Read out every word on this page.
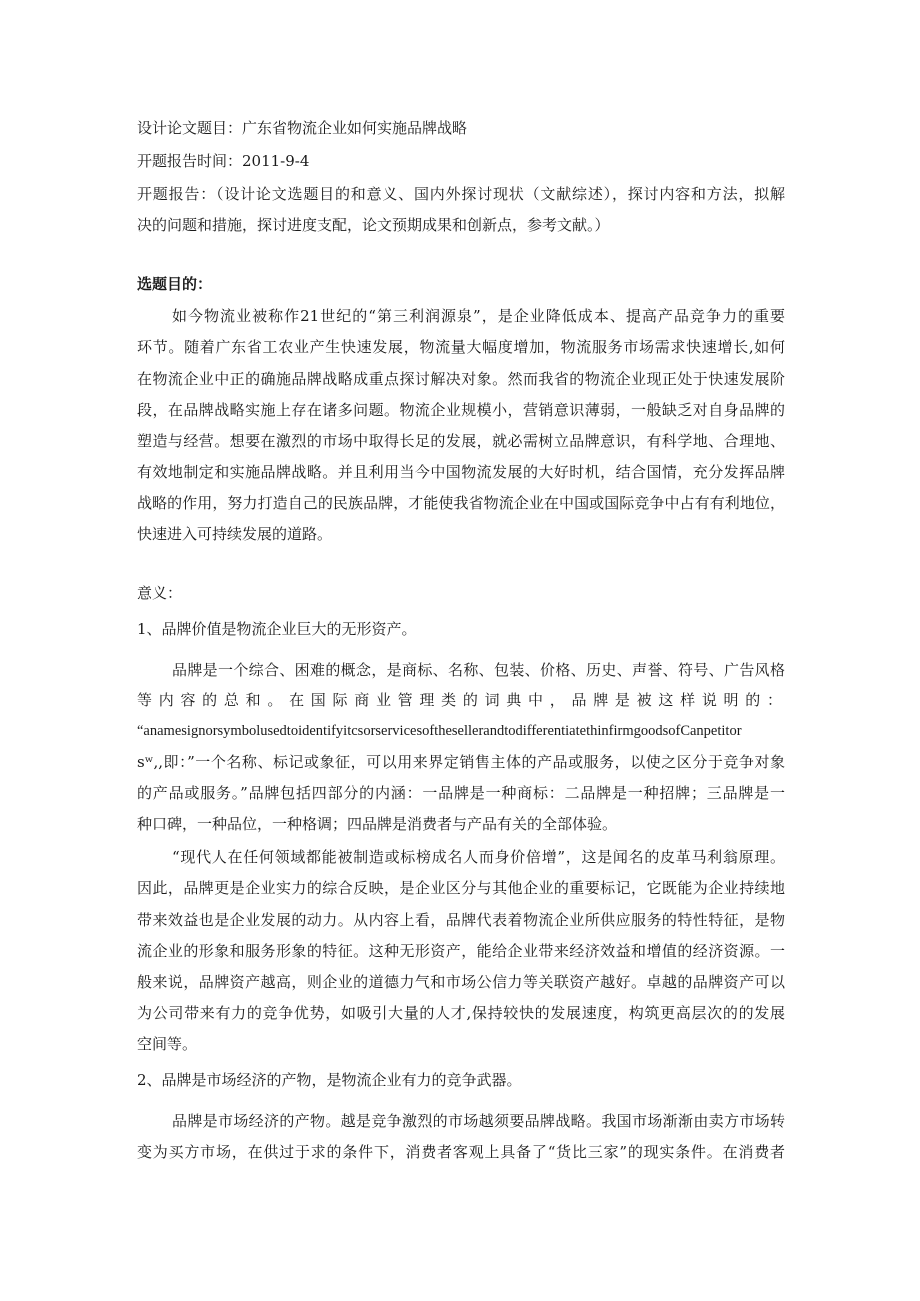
设计论文题目：广东省物流企业如何实施品牌战略
开题报告时间：2011-9-4
开题报告：（设计论文选题目的和意义、国内外探讨现状（文献综述），探讨内容和方法，拟解
决的问题和措施，探讨进度支配，论文预期成果和创新点，参考文献。）
选题目的：
如今物流业被称作21世纪的“第三利润源泉”，是企业降低成本、提高产品竞争力的重要
环节。随着广东省工农业产生快速发展，物流量大幅度增加，物流服务市场需求快速增长,如何
在物流企业中正的确施品牌战略成重点探讨解决对象。然而我省的物流企业现正处于快速发展阶
段，在品牌战略实施上存在诸多问题。物流企业规模小，营销意识薄弱，一般缺乏对自身品牌的
塑造与经营。想要在激烈的市场中取得长足的发展，就必需树立品牌意识，有科学地、合理地、
有效地制定和实施品牌战略。并且利用当今中国物流发展的大好时机，结合国情，充分发挥品牌
战略的作用，努力打造自己的民族品牌，才能使我省物流企业在中国或国际竞争中占有有利地位，
快速进入可持续发展的道路。
意义：
1、品牌价值是物流企业巨大的无形资产。
品牌是一个综合、困难的概念，是商标、名称、包装、价格、历史、声誉、符号、广告风格
等内容的总和。在国际商业管理类的词典中，品牌是被这样说明的：
“anamesignorsymbolusedtoidentifyitcsorservicesofthesellerandtodifferentiatethinfirmgoodsofCanpetitor
sʷ,,即：”一个名称、标记或象征，可以用来界定销售主体的产品或服务，以使之区分于竞争对象
的产品或服务。”品牌包括四部分的内涵：一品牌是一种商标：二品牌是一种招牌；三品牌是一
种口碑，一种品位，一种格调；四品牌是消费者与产品有关的全部体验。
“现代人在任何领域都能被制造或标榜成名人而身价倍增”，这是闻名的皮革马利翁原理。
因此，品牌更是企业实力的综合反映，是企业区分与其他企业的重要标记，它既能为企业持续地
带来效益也是企业发展的动力。从内容上看，品牌代表着物流企业所供应服务的特性特征，是物
流企业的形象和服务形象的特征。这种无形资产，能给企业带来经济效益和增值的经济资源。一
般来说，品牌资产越高，则企业的道德力气和市场公信力等关联资产越好。卓越的品牌资产可以
为公司带来有力的竞争优势，如吸引大量的人才,保持较快的发展速度，构筑更高层次的的发展
空间等。
2、品牌是市场经济的产物，是物流企业有力的竞争武器。
品牌是市场经济的产物。越是竞争激烈的市场越须要品牌战略。我国市场渐渐由卖方市场转
变为买方市场，在供过于求的条件下，消费者客观上具备了“货比三家”的现实条件。在消费者
